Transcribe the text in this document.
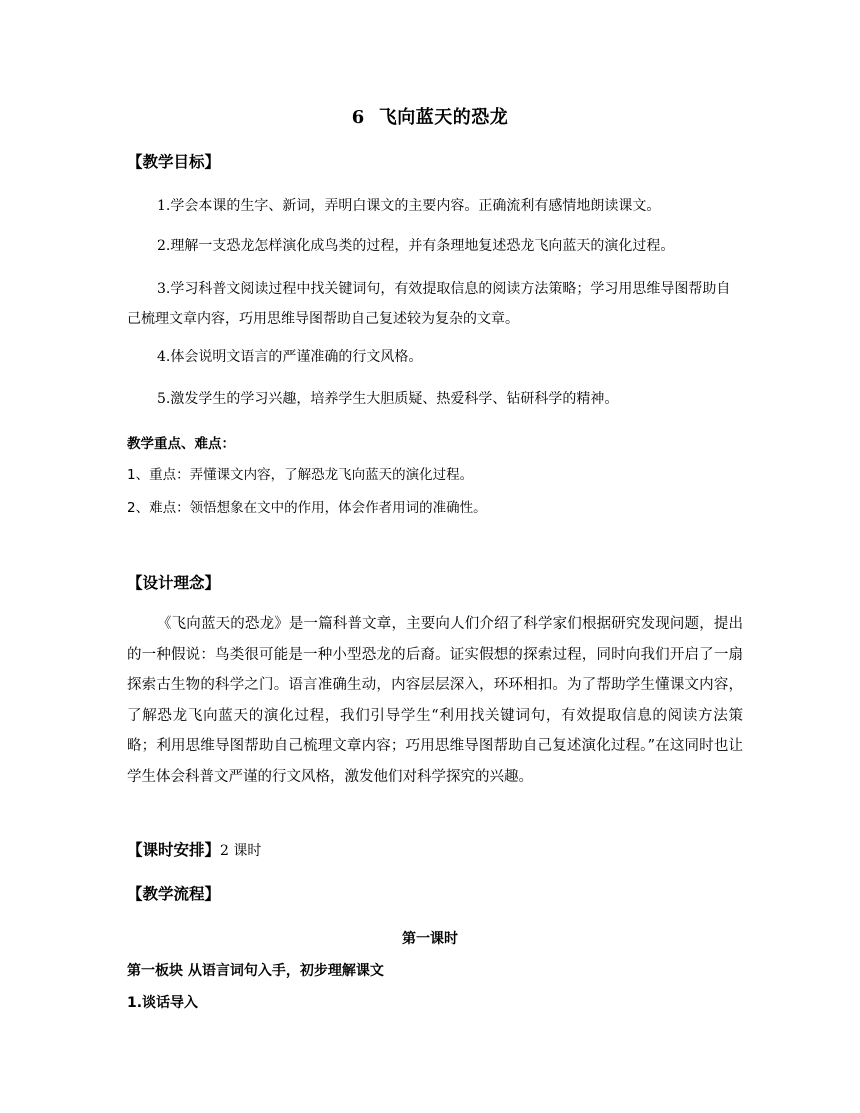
6 飞向蓝天的恐龙
【教学目标】
1.学会本课的生字、新词，弄明白课文的主要内容。正确流利有感情地朗读课文。
2.理解一支恐龙怎样演化成鸟类的过程，并有条理地复述恐龙飞向蓝天的演化过程。
3.学习科普文阅读过程中找关键词句，有效提取信息的阅读方法策略；学习用思维导图帮助自己梳理文章内容，巧用思维导图帮助自己复述较为复杂的文章。
4.体会说明文语言的严谨准确的行文风格。
5.激发学生的学习兴趣，培养学生大胆质疑、热爱科学、钻研科学的精神。
教学重点、难点：
1、重点：弄懂课文内容，了解恐龙飞向蓝天的演化过程。
2、难点：领悟想象在文中的作用，体会作者用词的准确性。
【设计理念】
《飞向蓝天的恐龙》是一篇科普文章，主要向人们介绍了科学家们根据研究发现问题，提出的一种假说：鸟类很可能是一种小型恐龙的后裔。证实假想的探索过程，同时向我们开启了一扇探索古生物的科学之门。语言准确生动，内容层层深入，环环相扣。为了帮助学生懂课文内容，了解恐龙飞向蓝天的演化过程，我们引导学生“利用找关键词句，有效提取信息的阅读方法策略；利用思维导图帮助自己梳理文章内容；巧用思维导图帮助自己复述演化过程。”在这同时也让学生体会科普文严谨的行文风格，激发他们对科学探究的兴趣。
【课时安排】2 课时
【教学流程】
第一课时
第一板块 从语言词句入手，初步理解课文
1.谈话导入
